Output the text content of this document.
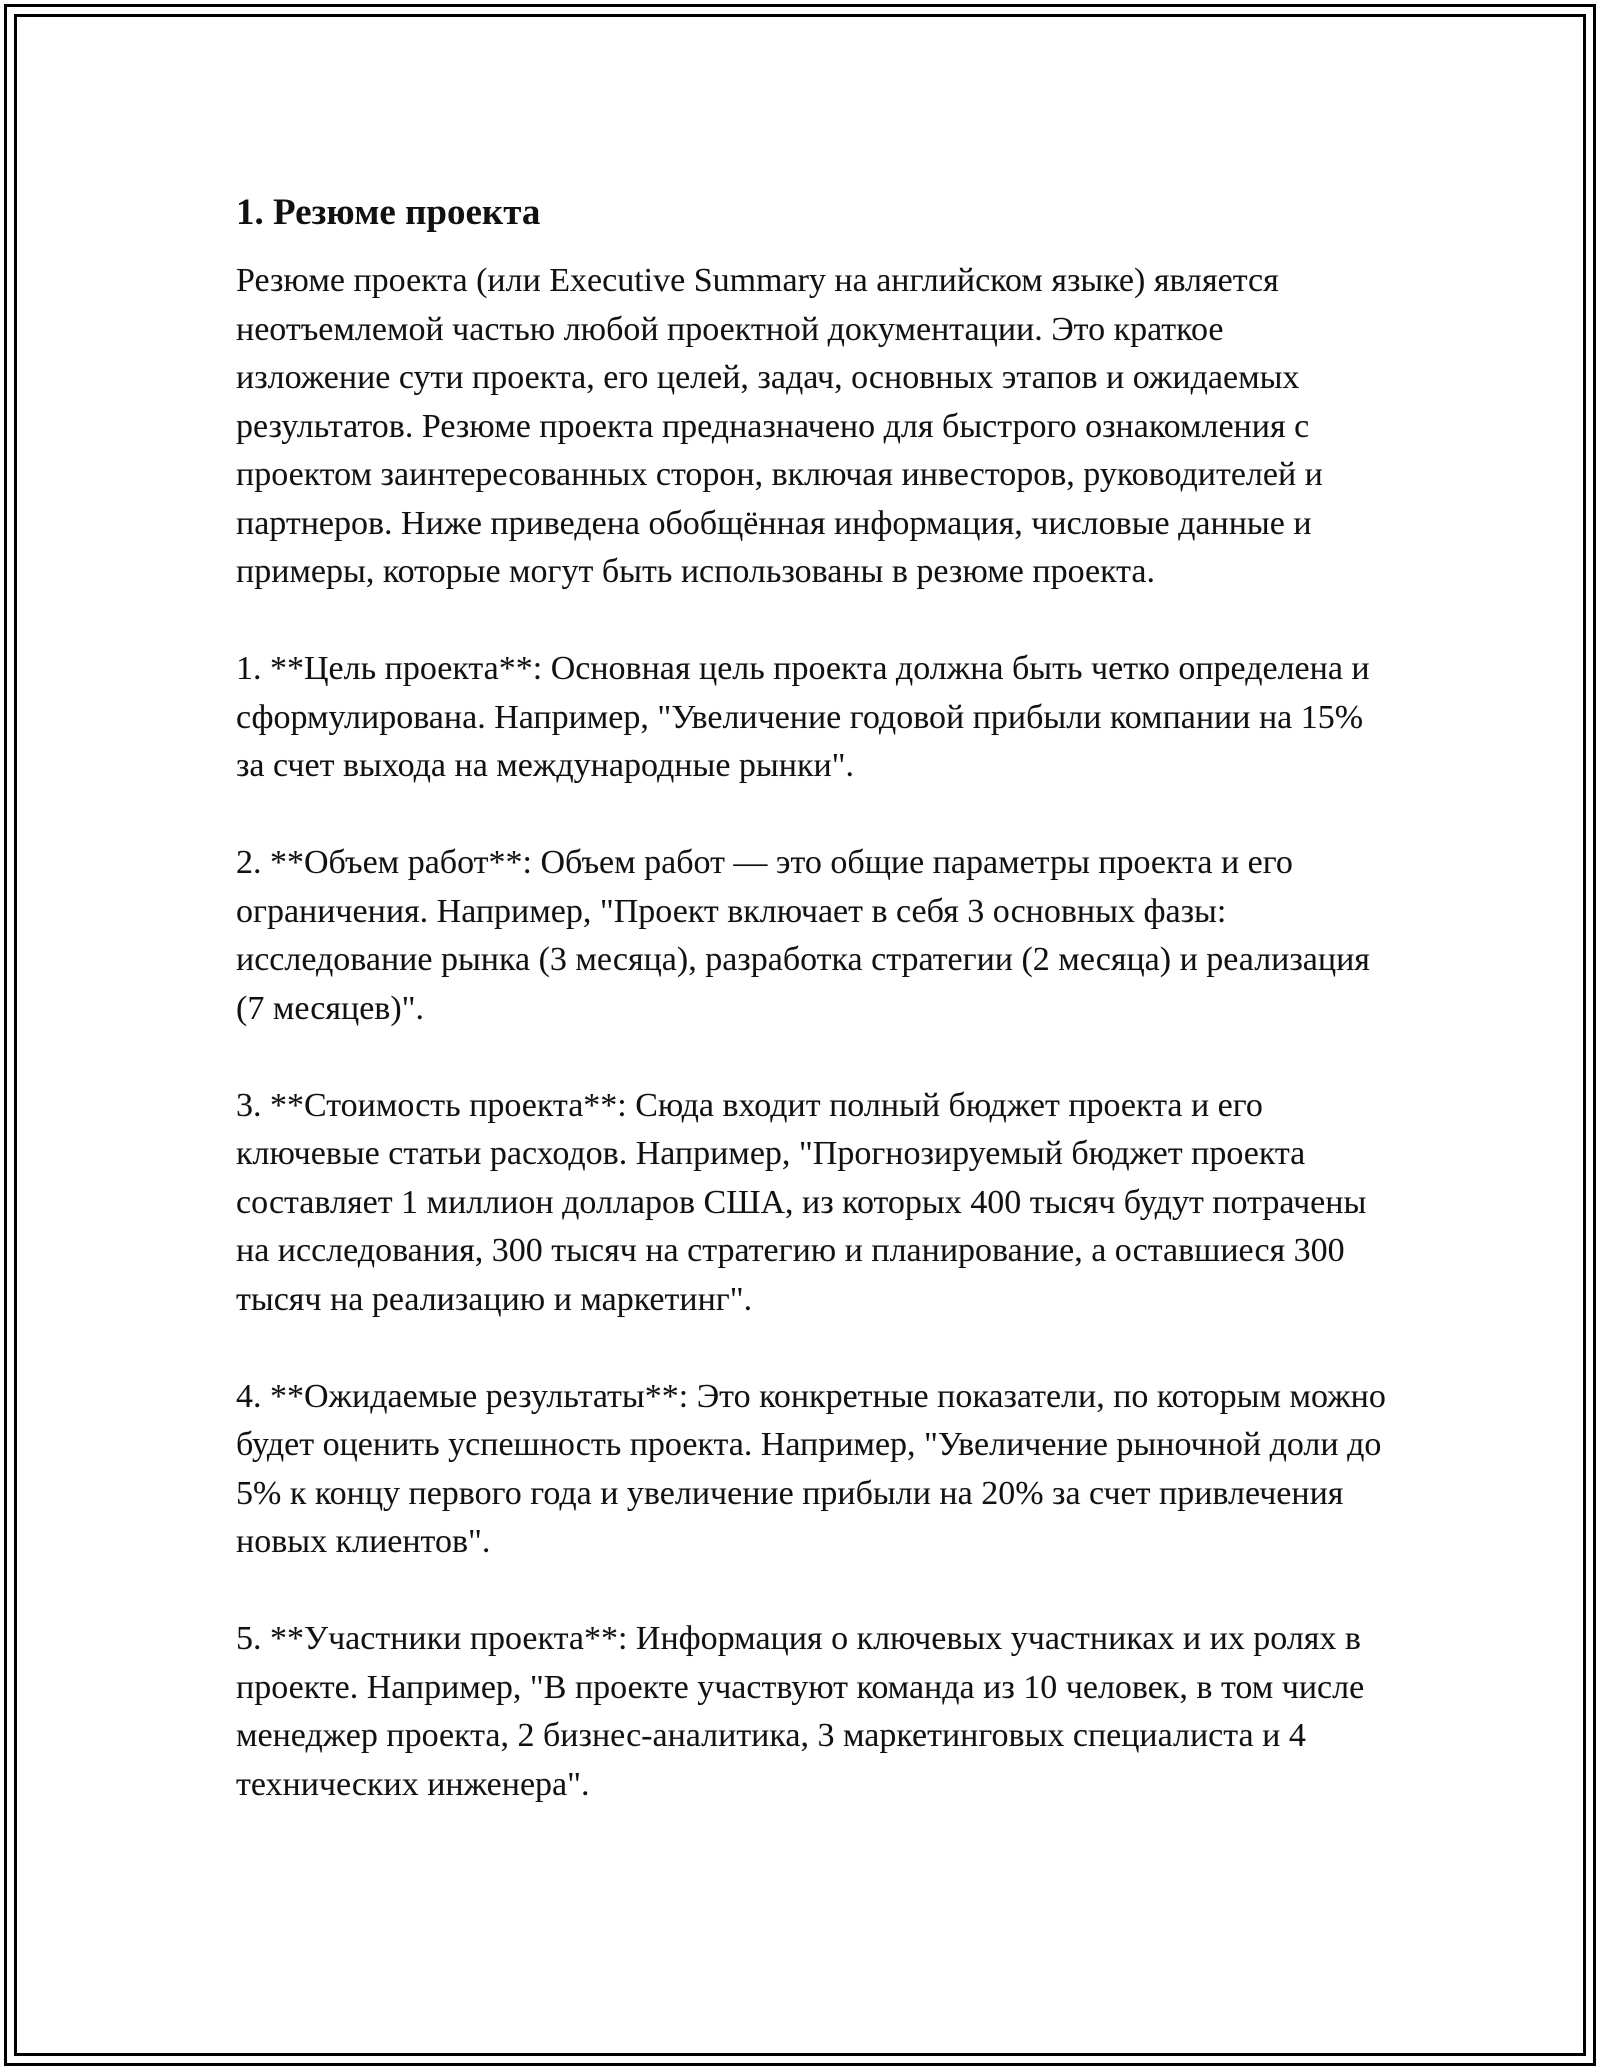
1. Резюме проекта

Резюме проекта (или Executive Summary на английском языке) является неотъемлемой частью любой проектной документации. Это краткое изложение сути проекта, его целей, задач, основных этапов и ожидаемых результатов. Резюме проекта предназначено для быстрого ознакомления с проектом заинтересованных сторон, включая инвесторов, руководителей и партнеров. Ниже приведена обобщённая информация, числовые данные и примеры, которые могут быть использованы в резюме проекта.

1. **Цель проекта**: Основная цель проекта должна быть четко определена и сформулирована. Например, "Увеличение годовой прибыли компании на 15% за счет выхода на международные рынки".

2. **Объем работ**: Объем работ — это общие параметры проекта и его ограничения. Например, "Проект включает в себя 3 основных фазы: исследование рынка (3 месяца), разработка стратегии (2 месяца) и реализация (7 месяцев)".

3. **Стоимость проекта**: Сюда входит полный бюджет проекта и его ключевые статьи расходов. Например, "Прогнозируемый бюджет проекта составляет 1 миллион долларов США, из которых 400 тысяч будут потрачены на исследования, 300 тысяч на стратегию и планирование, а оставшиеся 300 тысяч на реализацию и маркетинг".

4. **Ожидаемые результаты**: Это конкретные показатели, по которым можно будет оценить успешность проекта. Например, "Увеличение рыночной доли до 5% к концу первого года и увеличение прибыли на 20% за счет привлечения новых клиентов".

5. **Участники проекта**: Информация о ключевых участниках и их ролях в проекте. Например, "В проекте участвуют команда из 10 человек, в том числе менеджер проекта, 2 бизнес-аналитика, 3 маркетинговых специалиста и 4 технических инженера".
